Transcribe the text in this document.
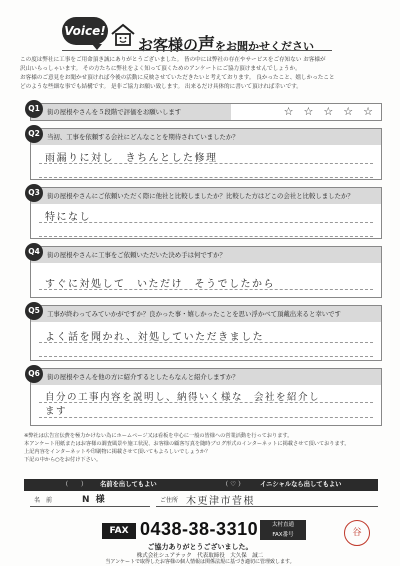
Voice!
お客様の声をお聞かせください
この度は弊社に工事をご用命頂き誠にありがとうございました。 皆の中には弊社の存在やサービスをご存知ない お客様が
沢山いらっしゃいます。 その方たちに弊社をよく知って頂くためのアンケートにご協力頂けませんでしょうか。
お客様のご意見をお聞かせ頂ければ今後の活動に反映させていただきたいと考えております。 良かったこと、嬉しかったこと
どのような些細な事でも結構です。 是非ご協力お願い致します。 出来るだけ具体的に書いて頂ければ幸いです。
Q1	街の屋根やさんを５段階で評価をお願いします	☆ ☆ ☆ ☆ ☆
Q2	当初、工事を依頼する会社にどんなことを期待されていましたか？
雨漏りに対し　きちんとした修理
Q3	街の屋根やさんにご依頼いただく際に他社と比較しましたか？比較した方はどこの会社と比較しましたか？
特になし
Q4	街の屋根やさんに工事をご依頼いただいた決め手は何ですか？
すぐに対処して　いただけ　そうでしたから
Q5	工事が終わってみていかがですか？良かった事・嬉しかったことを思い浮かべて頂戴出来ると幸いです
よく話を聞かれ、対処していただきました
Q6	街の屋根やさんを他の方に紹介するとしたらなんと紹介しますか？
自分の工事内容を説明し、納得いく様な　会社を紹介し
ます
※弊社は広告宣伝費を極力かけない為にホームページ又は看板を中心に一般の皆様への営業活動を行っております。
本アンケート用紙またはお客様の調査風景や施工状況、お客様の顧客写真を随時ブログ形式のインターネットに掲載させて頂いております。
上記内容をインターネットや印刷物に掲載させて頂いてもよろしいでしょうか？
下記の中から○をお付け下さい。
（　　） 名前を出してもよい	（ ♡ ）	イニシャルなら出してもよい
名　前	N 様	ご住所 木更津市菅根
FAX 0438-38-3310	太村直通
FAX番号	谷
ご協力ありがとうございました。
株式会社シュアテック　代表取締役　大久保　誠二
当アンケートで取得したお客様の個人情報は関係法規に基づき適切に管理致します。
